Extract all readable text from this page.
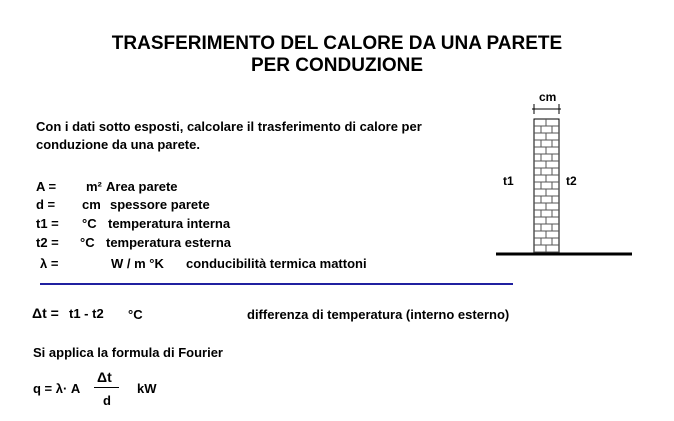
TRASFERIMENTO DEL CALORE DA UNA PARETE
PER CONDUZIONE
Con i dati sotto esposti, calcolare il trasferimento di calore per
conduzione da una parete.
A = m² Area parete
d = cm spessore parete
t1 = °C temperatura interna
t2 = °C temperatura esterna
λ =	W / m °K conducibilità termica mattoni
Δt = t1 - t2 °C	differenza di temperatura (interno esterno)
Si applica la formula di Fourier
q = λ· A
Δt
d
kW
cm
t1	t2
